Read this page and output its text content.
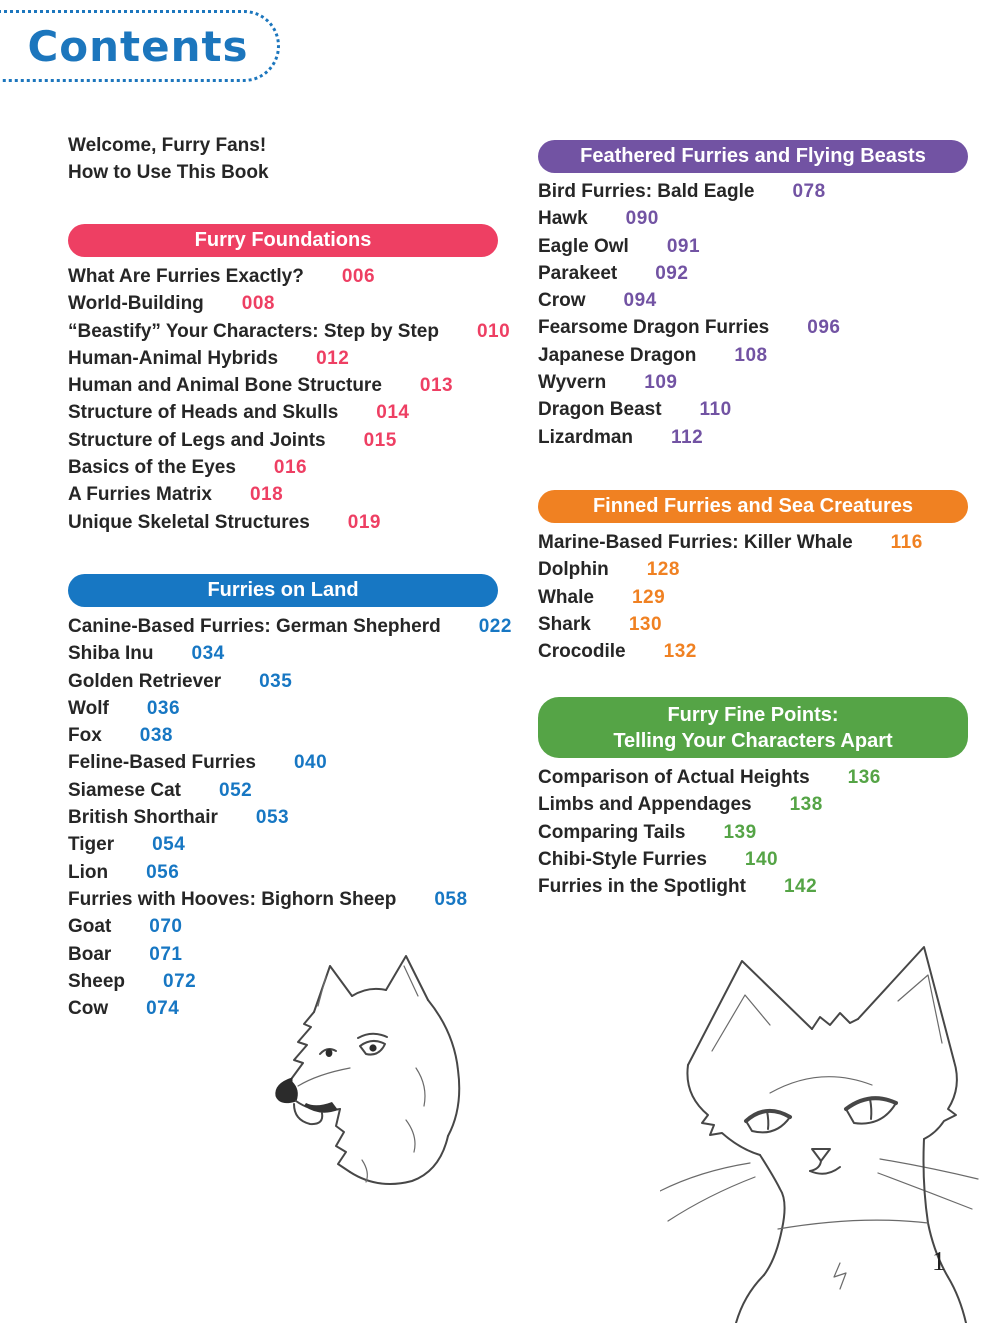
Contents
Welcome, Furry Fans!
How to Use This Book
Furry Foundations
What Are Furries Exactly? 006
World-Building 008
“Beastify” Your Characters: Step by Step 010
Human-Animal Hybrids 012
Human and Animal Bone Structure 013
Structure of Heads and Skulls 014
Structure of Legs and Joints 015
Basics of the Eyes 016
A Furries Matrix 018
Unique Skeletal Structures 019
Furries on Land
Canine-Based Furries: German Shepherd 022
Shiba Inu 034
Golden Retriever 035
Wolf 036
Fox 038
Feline-Based Furries 040
Siamese Cat 052
British Shorthair 053
Tiger 054
Lion 056
Furries with Hooves: Bighorn Sheep 058
Goat 070
Boar 071
Sheep 072
Cow 074
Feathered Furries and Flying Beasts
Bird Furries: Bald Eagle 078
Hawk 090
Eagle Owl 091
Parakeet 092
Crow 094
Fearsome Dragon Furries 096
Japanese Dragon 108
Wyvern 109
Dragon Beast 110
Lizardman 112
Finned Furries and Sea Creatures
Marine-Based Furries: Killer Whale 116
Dolphin 128
Whale 129
Shark 130
Crocodile 132
Furry Fine Points:
Telling Your Characters Apart
Comparison of Actual Heights 136
Limbs and Appendages 138
Comparing Tails 139
Chibi-Style Furries 140
Furries in the Spotlight 142
1
